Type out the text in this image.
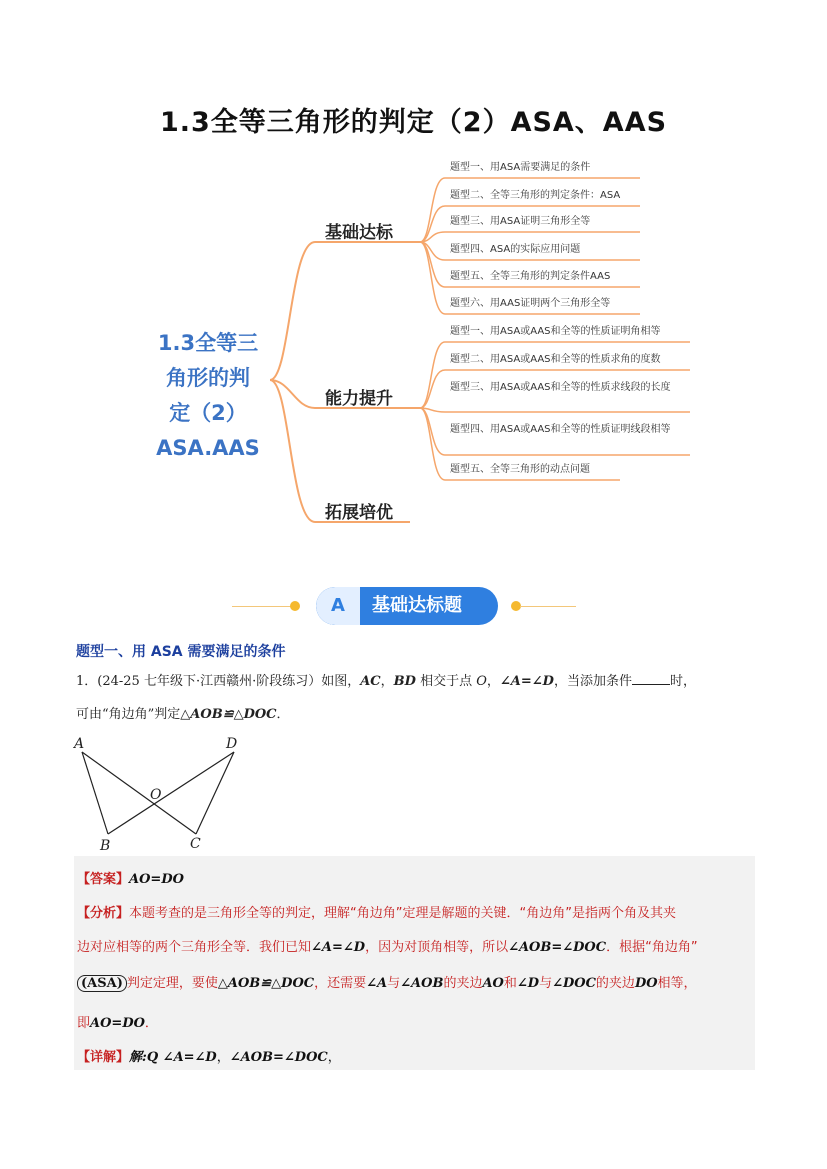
1.3全等三角形的判定（2）ASA、AAS
1.3全等三
角形的判
定（2）
ASA.AAS
基础达标
能力提升
拓展培优
题型一、用ASA需要满足的条件
题型二、全等三角形的判定条件：ASA
题型三、用ASA证明三角形全等
题型四、ASA的实际应用问题
题型五、全等三角形的判定条件AAS
题型六、用AAS证明两个三角形全等
题型一、用ASA或AAS和全等的性质证明角相等
题型二、用ASA或AAS和全等的性质求角的度数
题型三、用ASA或AAS和全等的性质求线段的长度
题型四、用ASA或AAS和全等的性质证明线段相等
题型五、全等三角形的动点问题
A	基础达标题
题型一、用 ASA 需要满足的条件
1．(24-25 七年级下·江西赣州·阶段练习）如图，AC，BD 相交于点 O，∠A=∠D，当添加条件	时，
可由“角边角”判定△AOB≌△DOC．
A	D
O
B	C
【答案】AO=DO
【分析】本题考查的是三角形全等的判定，理解“角边角”定理是解题的关键．“角边角”是指两个角及其夹
边对应相等的两个三角形全等．我们已知∠A=∠D，因为对顶角相等，所以∠AOB=∠DOC．根据“角边角”
(ASA) 判定定理，要使△AOB≌△DOC，还需要∠A与∠AOB的夹边AO和∠D与∠DOC的夹边DO相等，
即AO=DO．
【详解】解:Q ∠A=∠D，∠AOB=∠DOC，
